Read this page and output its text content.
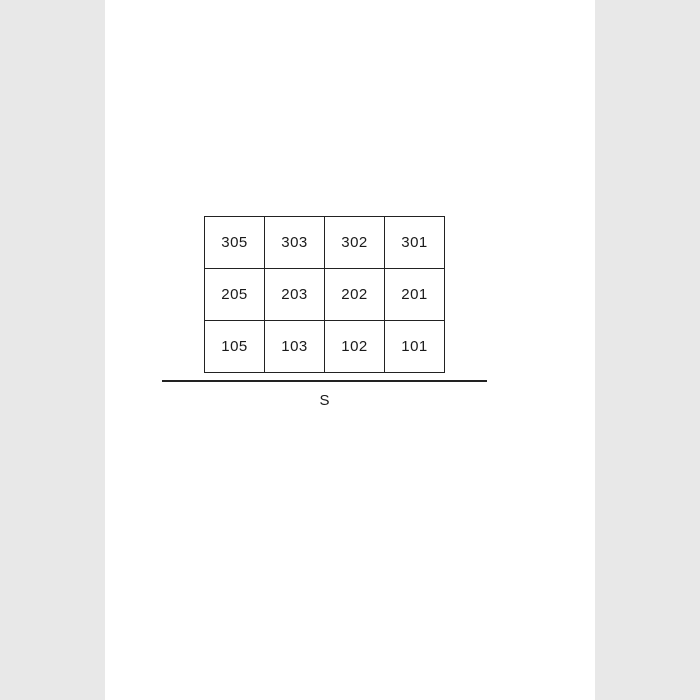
305	303	302	301
205	203	202	201
105	103	102	101
S
